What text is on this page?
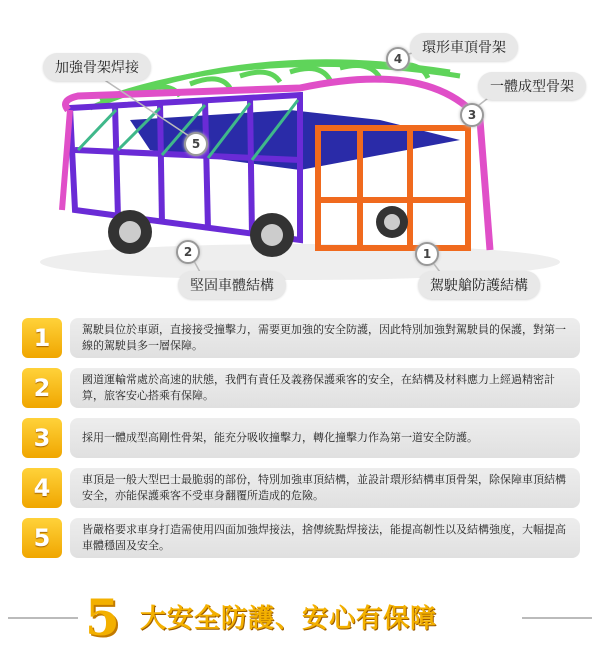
加強骨架焊接
環形車頂骨架
一體成型骨架
堅固車體結構	駕駛艙防護結構
1
2
3
4
5
1	駕駛員位於車頭，直接接受撞擊力，需要更加強的安全防護，因此特別加強對駕駛員的保護，對第一線的駕駛員多一層保障。
2	國道運輸常處於高速的狀態，我們有責任及義務保護乘客的安全，在結構及材料應力上經過精密計算，旅客安心搭乘有保障。
3	採用一體成型高剛性骨架，能充分吸收撞擊力，轉化撞擊力作為第一道安全防護。
4	車頂是一般大型巴士最脆弱的部份，特別加強車頂結構，並設計環形結構車頂骨架，除保障車頂結構安全，亦能保護乘客不受車身翻覆所造成的危險。
5	皆嚴格要求車身打造需使用四面加強焊接法，捨傳統點焊接法，能提高韌性以及結構強度，大幅提高車體穩固及安全。
5 大安全防護、安心有保障
